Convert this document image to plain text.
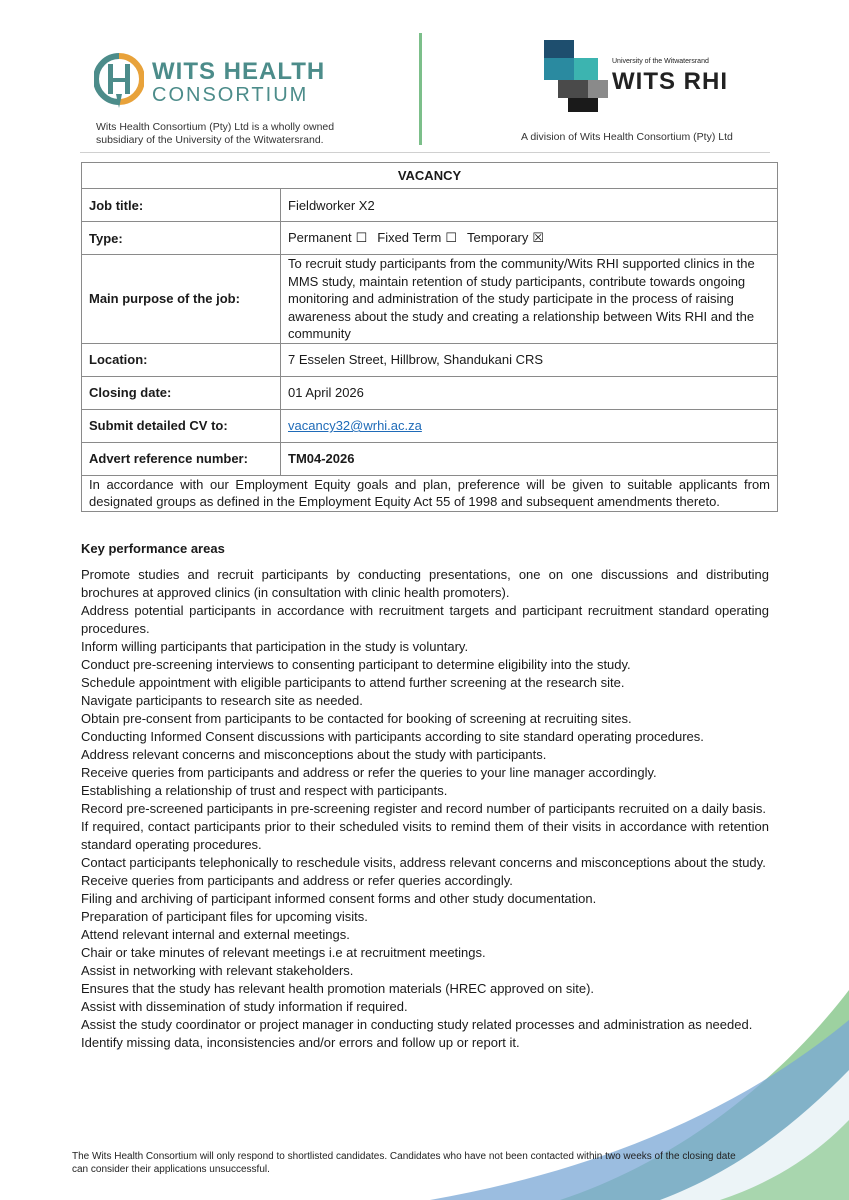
WITS HEALTH
CONSORTIUM
Wits Health Consortium (Pty) Ltd is a wholly owned subsidiary of the University of the Witwatersrand.
University of the Witwatersrand
WITS RHI
A division of Wits Health Consortium (Pty) Ltd
VACANCY	
Job title:	Fieldworker X2
Type:	Permanent ☐ Fixed Term ☐ Temporary ☒
Main purpose of the job:	To recruit study participants from the community/Wits RHI supported clinics in the MMS study, maintain retention of study participants, contribute towards ongoing monitoring and administration of the study participate in the process of raising awareness about the study and creating a relationship between Wits RHI and the community
Location:	7 Esselen Street, Hillbrow, Shandukani CRS
Closing date:	01 April 2026
Submit detailed CV to:	vacancy32@wrhi.ac.za
Advert reference number:	TM04-2026
In accordance with our Employment Equity goals and plan, preference will be given to suitable applicants from designated groups as defined in the Employment Equity Act 55 of 1998 and subsequent amendments thereto.	
Key performance areas
Promote studies and recruit participants by conducting presentations, one on one discussions and distributing brochures at approved clinics (in consultation with clinic health promoters).
Address potential participants in accordance with recruitment targets and participant recruitment standard operating procedures.
Inform willing participants that participation in the study is voluntary.
Conduct pre-screening interviews to consenting participant to determine eligibility into the study.
Schedule appointment with eligible participants to attend further screening at the research site.
Navigate participants to research site as needed.
Obtain pre-consent from participants to be contacted for booking of screening at recruiting sites.
Conducting Informed Consent discussions with participants according to site standard operating procedures.
Address relevant concerns and misconceptions about the study with participants.
Receive queries from participants and address or refer the queries to your line manager accordingly.
Establishing a relationship of trust and respect with participants.
Record pre-screened participants in pre-screening register and record number of participants recruited on a daily basis.
If required, contact participants prior to their scheduled visits to remind them of their visits in accordance with retention standard operating procedures.
Contact participants telephonically to reschedule visits, address relevant concerns and misconceptions about the study.
Receive queries from participants and address or refer queries accordingly.
Filing and archiving of participant informed consent forms and other study documentation.
Preparation of participant files for upcoming visits.
Attend relevant internal and external meetings.
Chair or take minutes of relevant meetings i.e at recruitment meetings.
Assist in networking with relevant stakeholders.
Ensures that the study has relevant health promotion materials (HREC approved on site).
Assist with dissemination of study information if required.
Assist the study coordinator or project manager in conducting study related processes and administration as needed.
Identify missing data, inconsistencies and/or errors and follow up or report it.
The Wits Health Consortium will only respond to shortlisted candidates. Candidates who have not been contacted within two weeks of the closing date can consider their applications unsuccessful.
